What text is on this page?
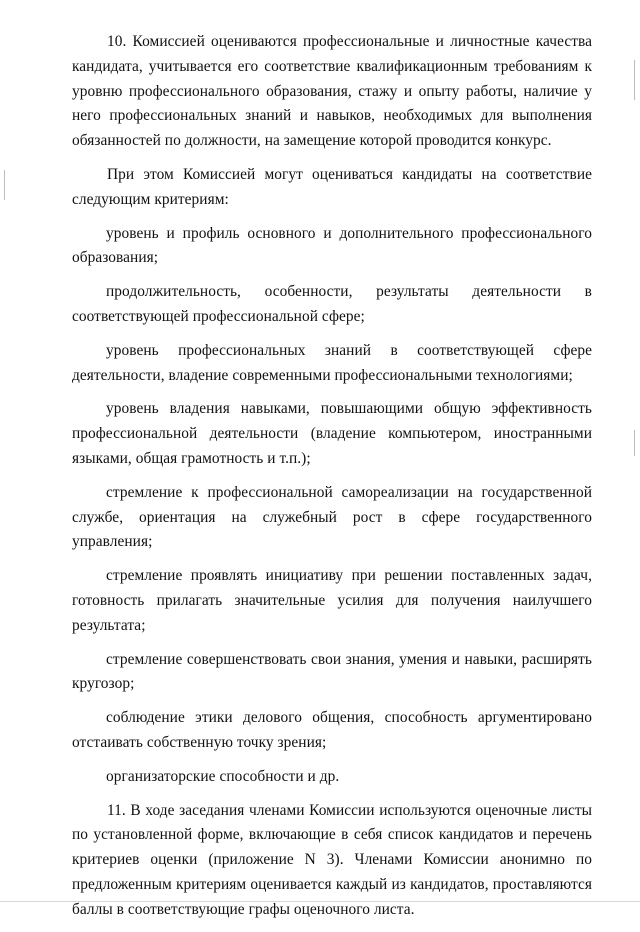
10. Комиссией оцениваются профессиональные и личностные качества кандидата, учитывается его соответствие квалификационным требованиям к уровню профессионального образования, стажу и опыту работы, наличие у него профессиональных знаний и навыков, необходимых для выполнения обязанностей по должности, на замещение которой проводится конкурс.

При этом Комиссией могут оцениваться кандидаты на соответствие следующим критериям:

уровень и профиль основного и дополнительного профессионального образования;

продолжительность, особенности, результаты деятельности в соответствующей профессиональной сфере;

уровень профессиональных знаний в соответствующей сфере деятельности, владение современными профессиональными технологиями;

уровень владения навыками, повышающими общую эффективность профессиональной деятельности (владение компьютером, иностранными языками, общая грамотность и т.п.);

стремление к профессиональной самореализации на государственной службе, ориентация на служебный рост в сфере государственного управления;

стремление проявлять инициативу при решении поставленных задач, готовность прилагать значительные усилия для получения наилучшего результата;

стремление совершенствовать свои знания, умения и навыки, расширять кругозор;

соблюдение этики делового общения, способность аргументировано отстаивать собственную точку зрения;

организаторские способности и др.

11. В ходе заседания членами Комиссии используются оценочные листы по установленной форме, включающие в себя список кандидатов и перечень критериев оценки (приложение N 3). Членами Комиссии анонимно по предложенным критериям оценивается каждый из кандидатов, проставляются баллы в соответствующие графы оценочного листа.
